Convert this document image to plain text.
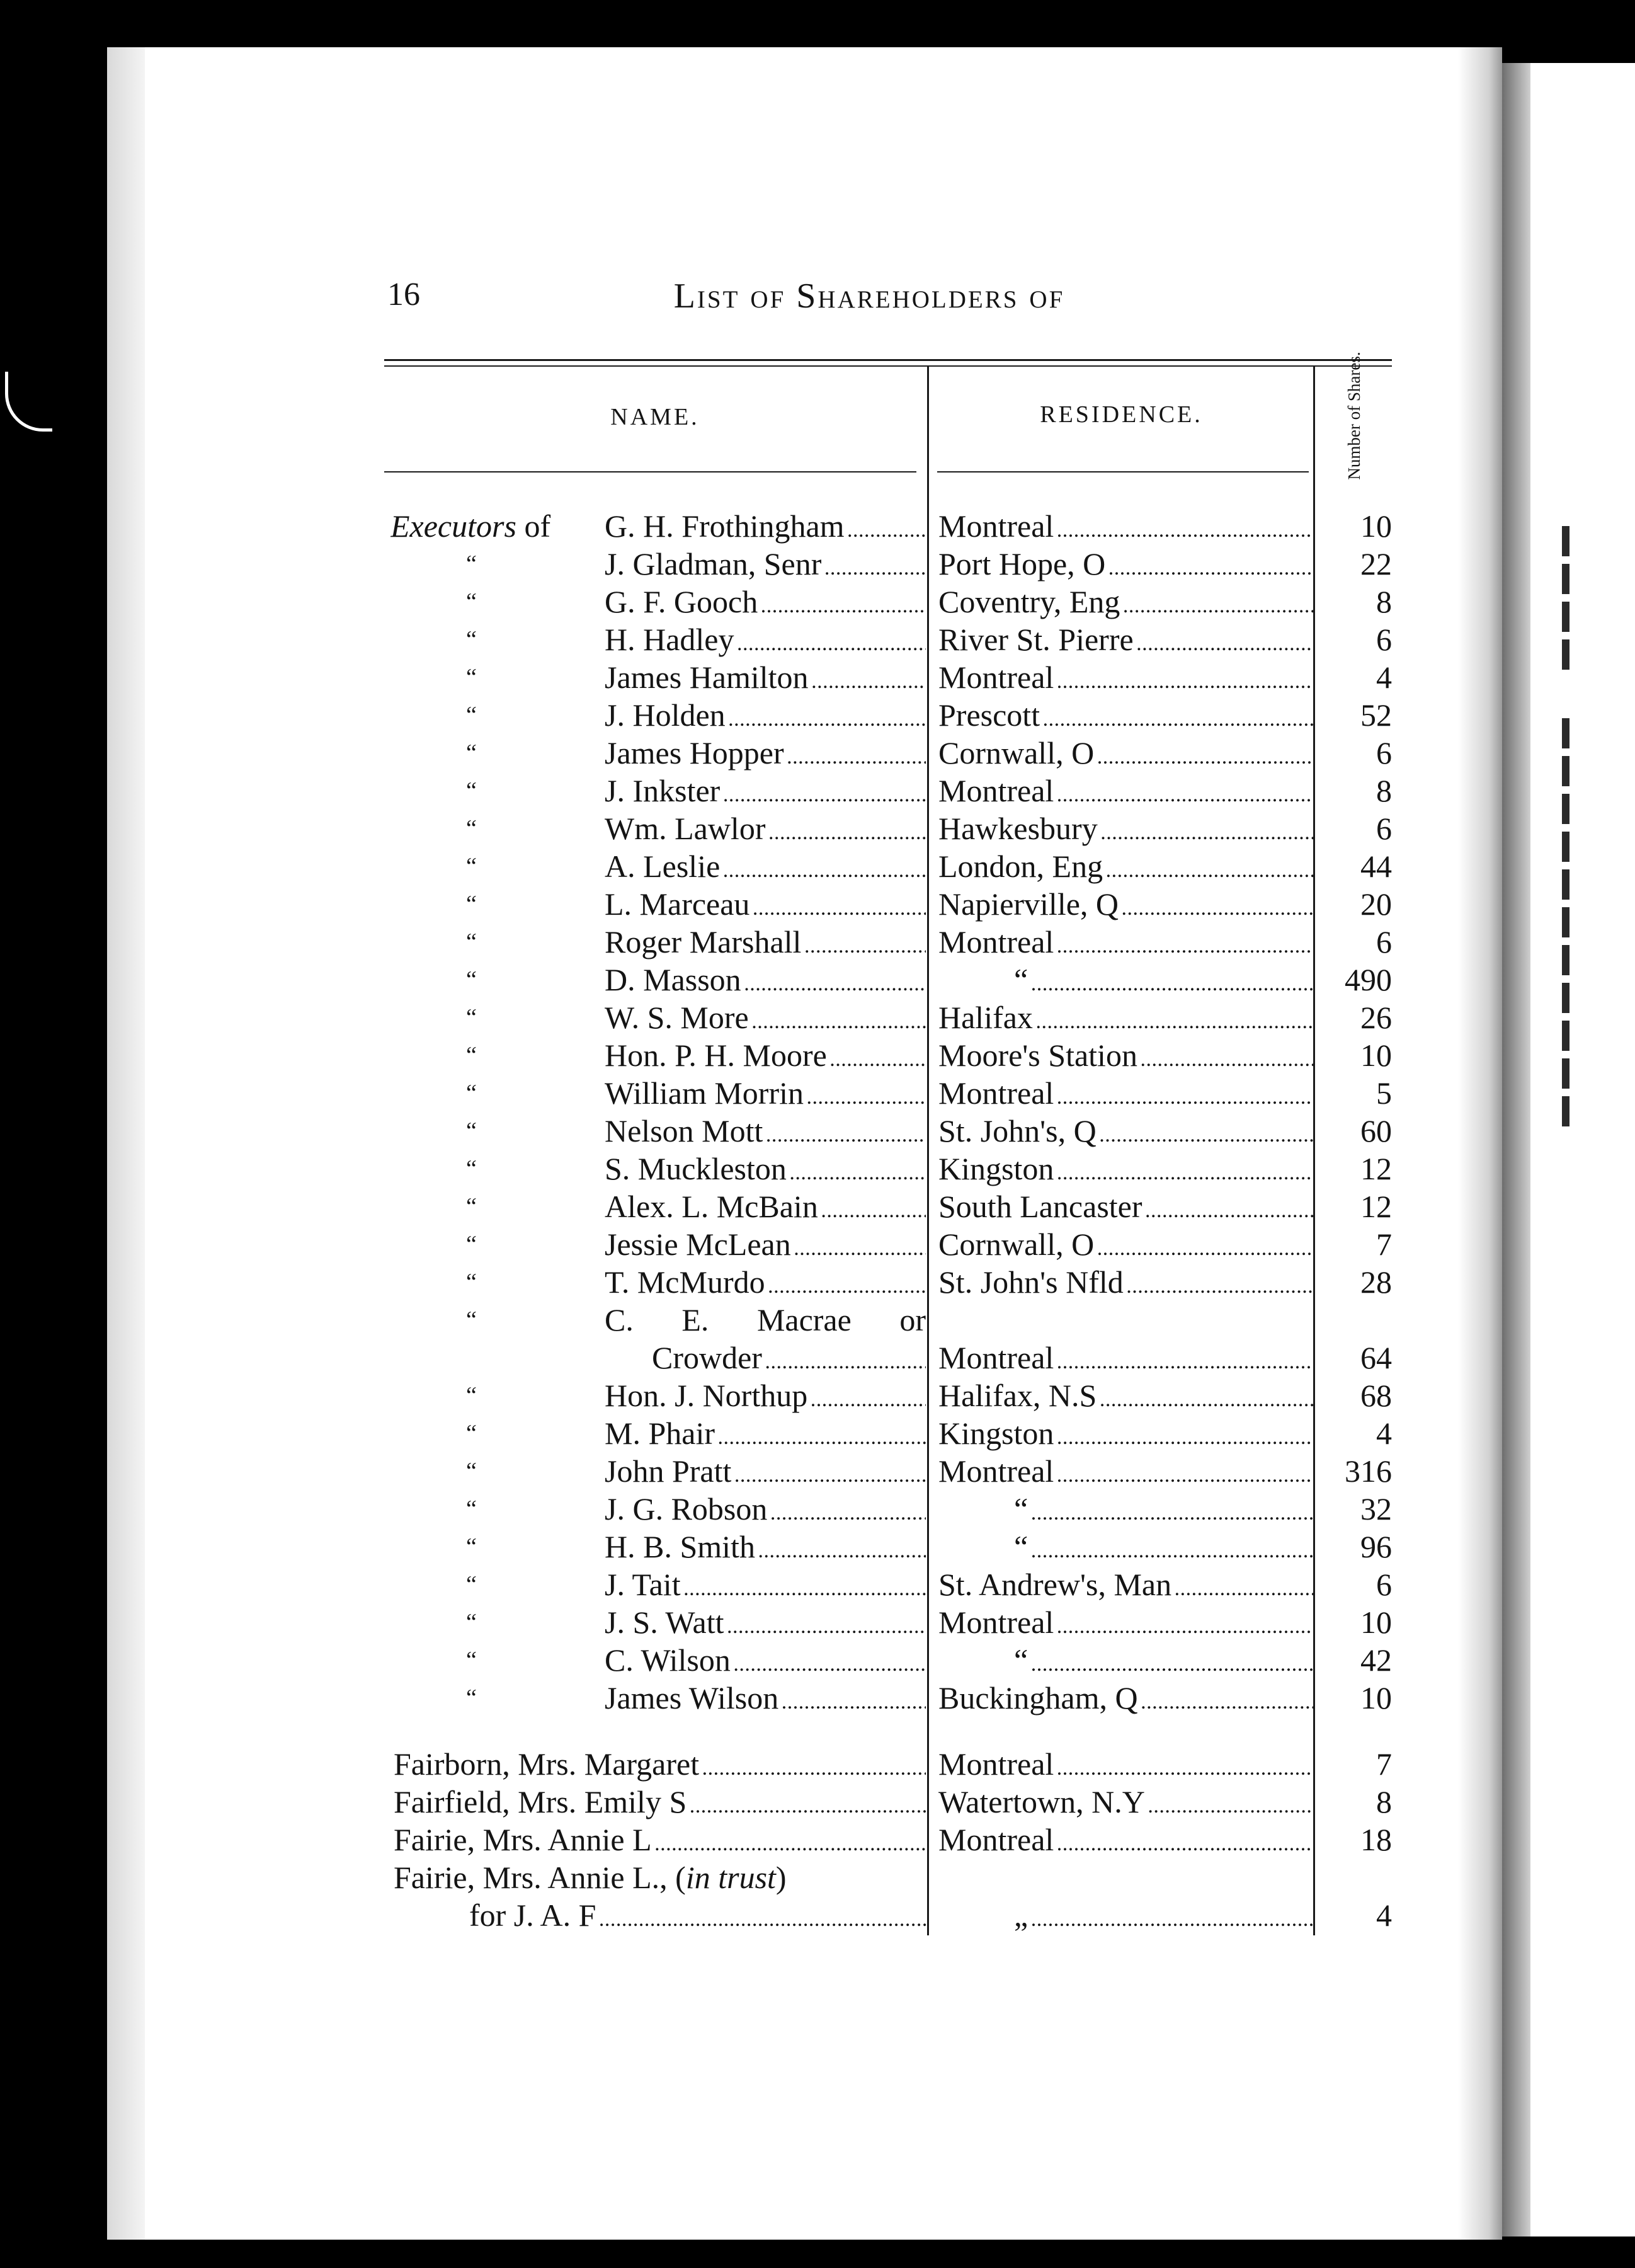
16	List of Shareholders of
NAME.	RESIDENCE.	Number of Shares.
Executors of	G. H. Frothingham . . .	Montreal . . .	10
“	J. Gladman, Senr . . .	Port Hope, O . . .	22
“	G. F. Gooch . . .	Coventry, Eng . . .	8
“	H. Hadley . . .	River St. Pierre . . .	6
“	James Hamilton . . .	Montreal . . .	4
“	J. Holden . . .	Prescott . . .	52
“	James Hopper . . .	Cornwall, O . . .	6
“	J. Inkster . . .	Montreal . . .	8
“	Wm. Lawlor . . .	Hawkesbury . . .	6
“	A. Leslie . . .	London, Eng . . .	44
“	L. Marceau . . .	Napierville, Q . . .	20
“	Roger Marshall . . .	Montreal . . .	6
“	D. Masson . . .	“ . . .	490
“	W. S. More . . .	Halifax . . .	26
“	Hon. P. H. Moore . . .	Moore's Station . . .	10
“	William Morrin . . .	Montreal . . .	5
“	Nelson Mott . . .	St. John's, Q . . .	60
“	S. Muckleston . . .	Kingston . . .	12
“	Alex. L. McBain . . .	South Lancaster . . .	12
“	Jessie McLean . . .	Cornwall, O . . .	7
“	T. McMurdo . . .	St. John's Nfld . . .	28
“	C. E. Macrae or
Crowder . . .	Montreal . . .	64
“	Hon. J. Northup . . .	Halifax, N.S . . .	68
“	M. Phair . . .	Kingston . . .	4
“	John Pratt . . .	Montreal . . .	316
“	J. G. Robson . . .	“ . . .	32
“	H. B. Smith . . .	“ . . .	96
“	J. Tait . . .	St. Andrew's, Man . . .	6
“	J. S. Watt . . .	Montreal . . .	10
“	C. Wilson . . .	“ . . .	42
“	James Wilson . . .	Buckingham, Q . . .	10
Fairborn, Mrs. Margaret . . .	Montreal . . .	7
Fairfield, Mrs. Emily S . . .	Watertown, N.Y . . .	8
Fairie, Mrs. Annie L . . .	Montreal . . .	18
Fairie, Mrs. Annie L., (in trust)
for J. A. F . . .	„ . . .	4
